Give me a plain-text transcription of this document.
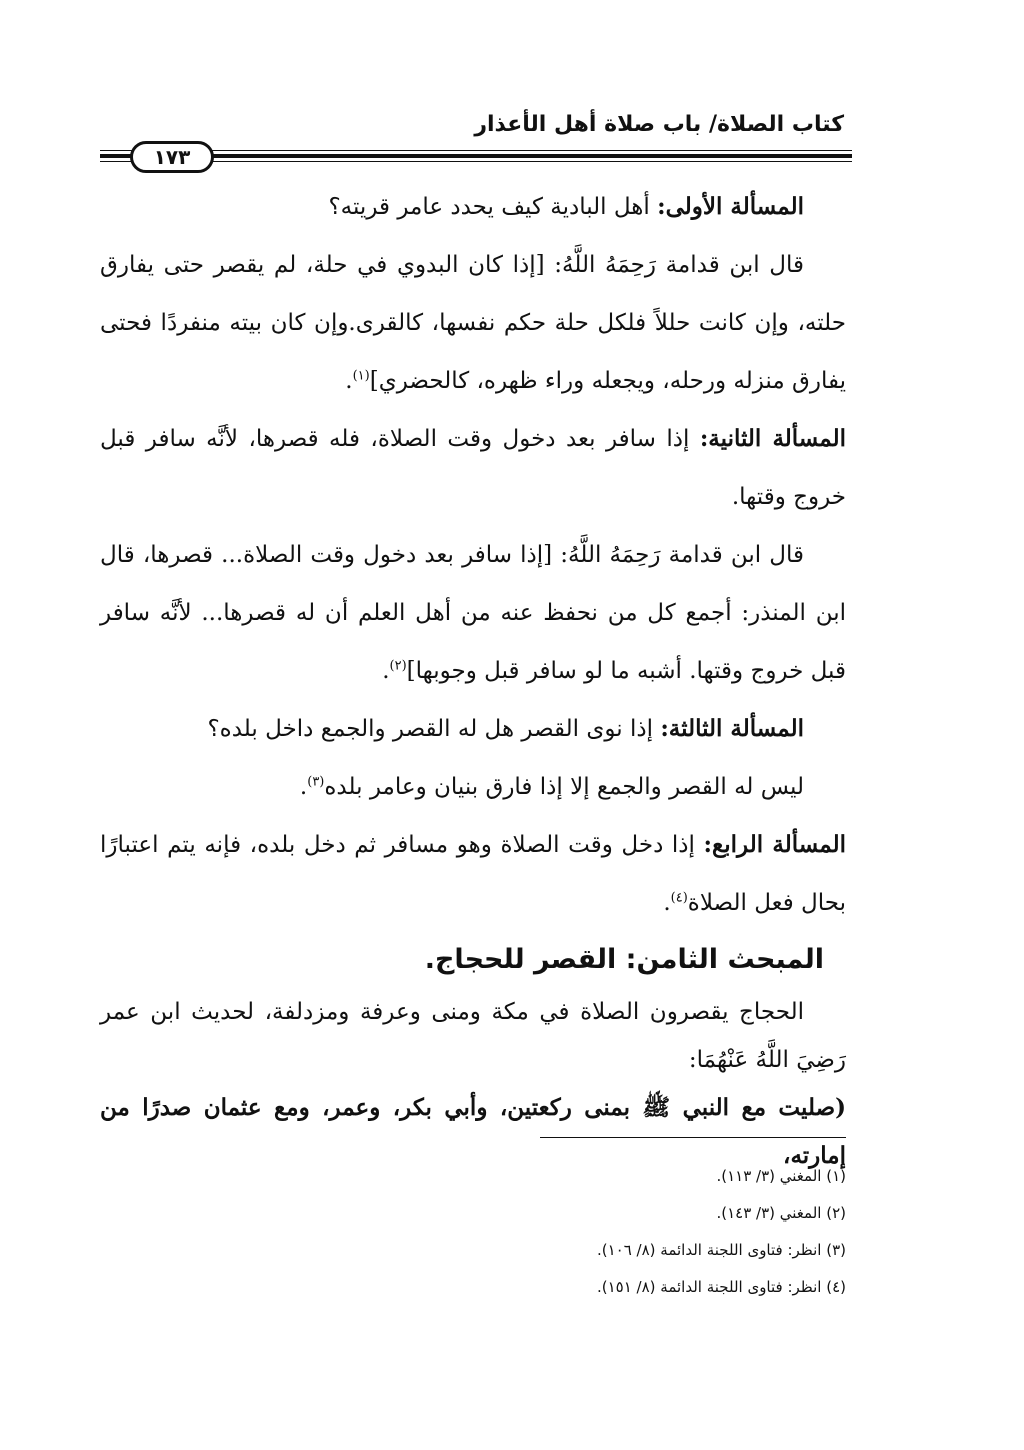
كتاب الصلاة/ باب صلاة أهل الأعذار
١٧٣

المسألة الأولى: أهل البادية كيف يحدد عامر قريته؟

قال ابن قدامة رَحِمَهُ اللَّهُ: [إذا كان البدوي في حلة، لم يقصر حتى يفارق حلته، وإن كانت حللاً فلكل حلة حكم نفسها، كالقرى.وإن كان بيته منفردًا فحتى يفارق منزله ورحله، ويجعله وراء ظهره، كالحضري]$^{(١)}$.

المسألة الثانية: إذا سافر بعد دخول وقت الصلاة، فله قصرها، لأنَّه سافر قبل خروج وقتها.

قال ابن قدامة رَحِمَهُ اللَّهُ: [إذا سافر بعد دخول وقت الصلاة... قصرها، قال ابن المنذر: أجمع كل من نحفظ عنه من أهل العلم أن له قصرها... لأنَّه سافر قبل خروج وقتها. أشبه ما لو سافر قبل وجوبها]$^{(٢)}$.

المسألة الثالثة: إذا نوى القصر هل له القصر والجمع داخل بلده؟

ليس له القصر والجمع إلا إذا فارق بنيان وعامر بلده$^{(٣)}$.

المسألة الرابع: إذا دخل وقت الصلاة وهو مسافر ثم دخل بلده، فإنه يتم اعتبارًا بحال فعل الصلاة$^{(٤)}$.

المبحث الثامن: القصر للحجاج.

الحجاج يقصرون الصلاة في مكة ومنى وعرفة ومزدلفة، لحديث ابن عمر رَضِيَ اللَّهُ عَنْهُمَا:

(صليت مع النبي ﷺ بمنى ركعتين، وأبي بكر، وعمر، ومع عثمان صدرًا من إمارته،

(١) المغني (٣/ ١١٣).
(٢) المغني (٣/ ١٤٣).
(٣) انظر: فتاوى اللجنة الدائمة (٨/ ١٠٦).
(٤) انظر: فتاوى اللجنة الدائمة (٨/ ١٥١).
